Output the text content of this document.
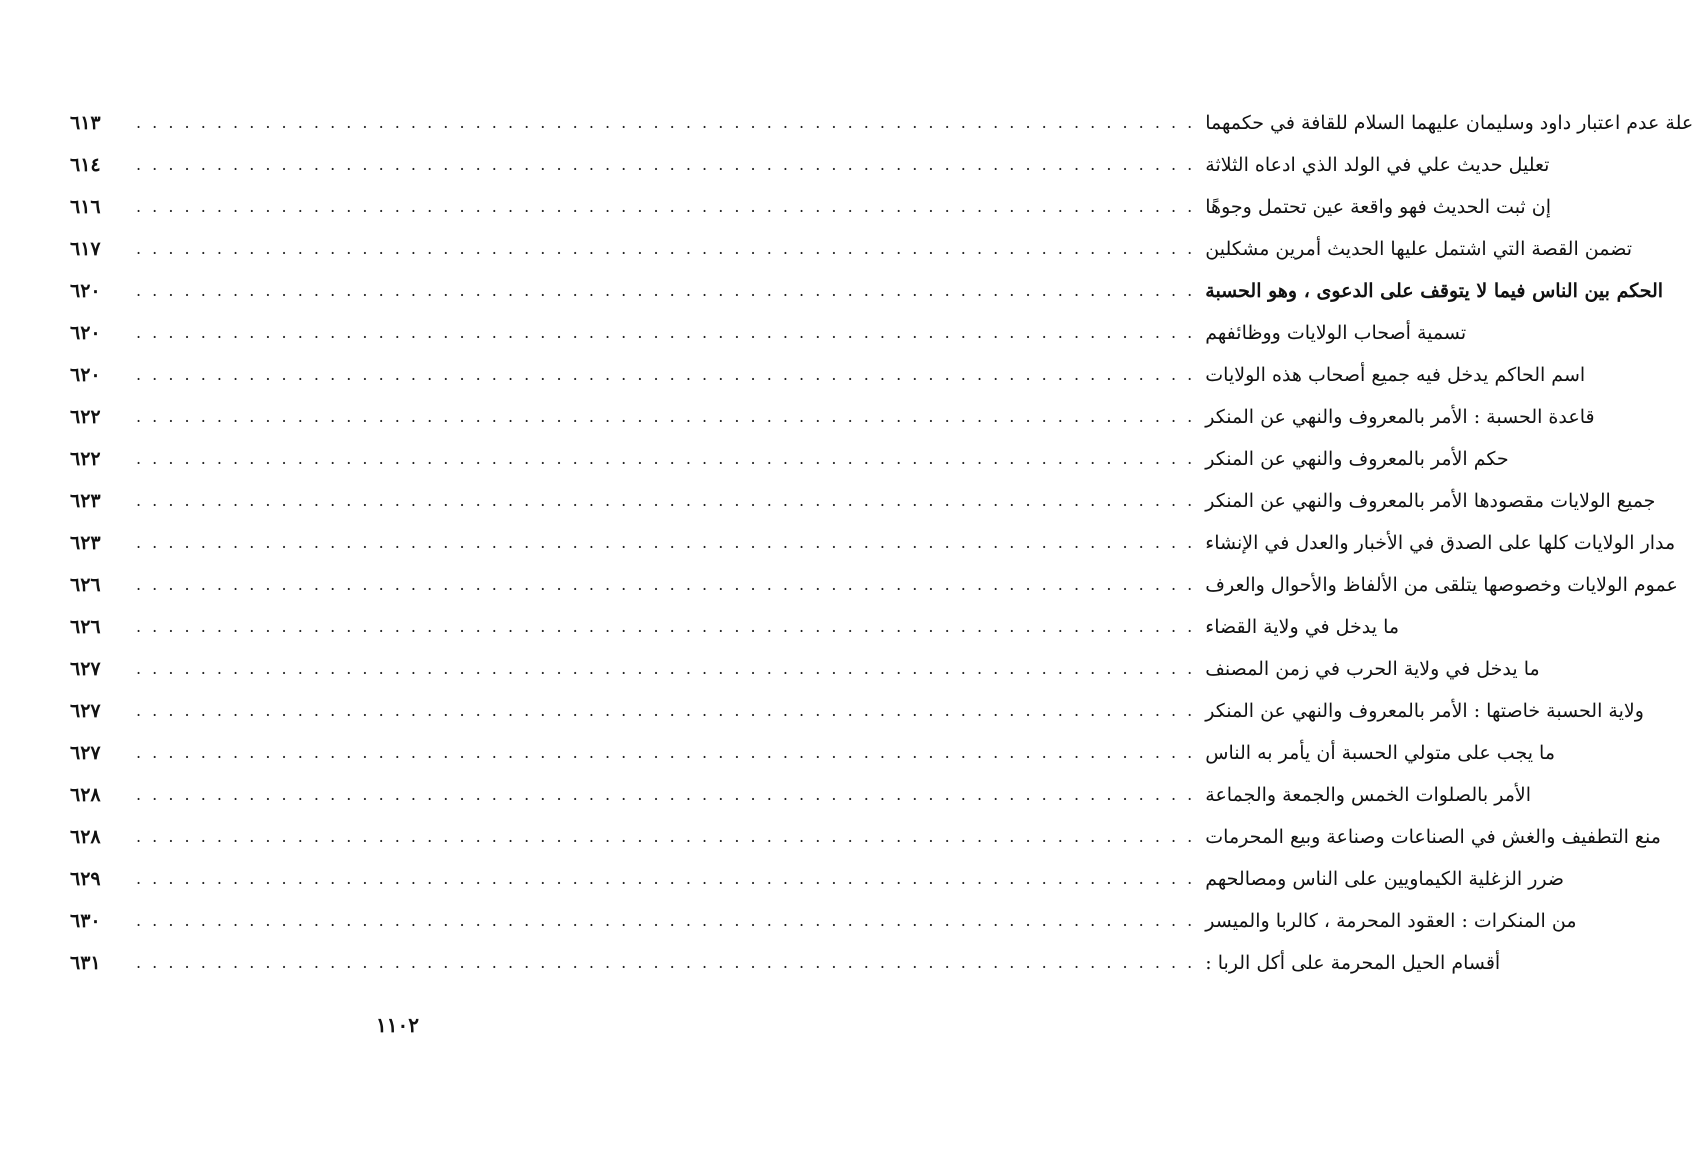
٦١٣	. . . . . . . . . . . . . . . . . . . . . . . . . . . . . . . . . . . . . . . . . . . . . . . . . . . . . . . . . . . . . . . . . . علة عدم اعتبار داود وسليمان عليهما السلام للقافة في حكمهما
٦١٤	. . . . . . . . . . . . . . . . . . . . . . . . . . . . . . . . . . . . . . . . . . . . . . . . . . . . . . . . . . . . . . . . . . تعليل حديث علي في الولد الذي ادعاه الثلاثة
٦١٦	. . . . . . . . . . . . . . . . . . . . . . . . . . . . . . . . . . . . . . . . . . . . . . . . . . . . . . . . . . . . . . . . . . إن ثبت الحديث فهو واقعة عين تحتمل وجوهًا
٦١٧	. . . . . . . . . . . . . . . . . . . . . . . . . . . . . . . . . . . . . . . . . . . . . . . . . . . . . . . . . . . . . . . . . . تضمن القصة التي اشتمل عليها الحديث أمرين مشكلين
٦٢٠	. . . . . . . . . . . . . . . . . . . . . . . . . . . . . . . . . . . . . . . . . . . . . . . . . . . . . . . . . . . . . . . . . . الحكم بين الناس فيما لا يتوقف على الدعوى ، وهو الحسبة
٦٢٠	. . . . . . . . . . . . . . . . . . . . . . . . . . . . . . . . . . . . . . . . . . . . . . . . . . . . . . . . . . . . . . . . . . تسمية أصحاب الولايات ووظائفهم
٦٢٠	. . . . . . . . . . . . . . . . . . . . . . . . . . . . . . . . . . . . . . . . . . . . . . . . . . . . . . . . . . . . . . . . . . اسم الحاكم يدخل فيه جميع أصحاب هذه الولايات
٦٢٢	. . . . . . . . . . . . . . . . . . . . . . . . . . . . . . . . . . . . . . . . . . . . . . . . . . . . . . . . . . . . . . . . . . قاعدة الحسبة : الأمر بالمعروف والنهي عن المنكر
٦٢٢	. . . . . . . . . . . . . . . . . . . . . . . . . . . . . . . . . . . . . . . . . . . . . . . . . . . . . . . . . . . . . . . . . . حكم الأمر بالمعروف والنهي عن المنكر
٦٢٣	. . . . . . . . . . . . . . . . . . . . . . . . . . . . . . . . . . . . . . . . . . . . . . . . . . . . . . . . . . . . . . . . . . جميع الولايات مقصودها الأمر بالمعروف والنهي عن المنكر
٦٢٣	. . . . . . . . . . . . . . . . . . . . . . . . . . . . . . . . . . . . . . . . . . . . . . . . . . . . . . . . . . . . . . . . . . مدار الولايات كلها على الصدق في الأخبار والعدل في الإنشاء
٦٢٦	. . . . . . . . . . . . . . . . . . . . . . . . . . . . . . . . . . . . . . . . . . . . . . . . . . . . . . . . . . . . . . . . . . عموم الولايات وخصوصها يتلقى من الألفاظ والأحوال والعرف
٦٢٦	. . . . . . . . . . . . . . . . . . . . . . . . . . . . . . . . . . . . . . . . . . . . . . . . . . . . . . . . . . . . . . . . . . ما يدخل في ولاية القضاء
٦٢٧	. . . . . . . . . . . . . . . . . . . . . . . . . . . . . . . . . . . . . . . . . . . . . . . . . . . . . . . . . . . . . . . . . . ما يدخل في ولاية الحرب في زمن المصنف
٦٢٧	. . . . . . . . . . . . . . . . . . . . . . . . . . . . . . . . . . . . . . . . . . . . . . . . . . . . . . . . . . . . . . . . . . ولاية الحسبة خاصتها : الأمر بالمعروف والنهي عن المنكر
٦٢٧	. . . . . . . . . . . . . . . . . . . . . . . . . . . . . . . . . . . . . . . . . . . . . . . . . . . . . . . . . . . . . . . . . . ما يجب على متولي الحسبة أن يأمر به الناس
٦٢٨	. . . . . . . . . . . . . . . . . . . . . . . . . . . . . . . . . . . . . . . . . . . . . . . . . . . . . . . . . . . . . . . . . . الأمر بالصلوات الخمس والجمعة والجماعة
٦٢٨	. . . . . . . . . . . . . . . . . . . . . . . . . . . . . . . . . . . . . . . . . . . . . . . . . . . . . . . . . . . . . . . . . . منع التطفيف والغش في الصناعات وصناعة وبيع المحرمات
٦٢٩	. . . . . . . . . . . . . . . . . . . . . . . . . . . . . . . . . . . . . . . . . . . . . . . . . . . . . . . . . . . . . . . . . . ضرر الزغلية الكيماويين على الناس ومصالحهم
٦٣٠	. . . . . . . . . . . . . . . . . . . . . . . . . . . . . . . . . . . . . . . . . . . . . . . . . . . . . . . . . . . . . . . . . . من المنكرات : العقود المحرمة ، كالربا والميسر
٦٣١	. . . . . . . . . . . . . . . . . . . . . . . . . . . . . . . . . . . . . . . . . . . . . . . . . . . . . . . . . . . . . . . . . . أقسام الحيل المحرمة على أكل الربا :
١١٠٢
